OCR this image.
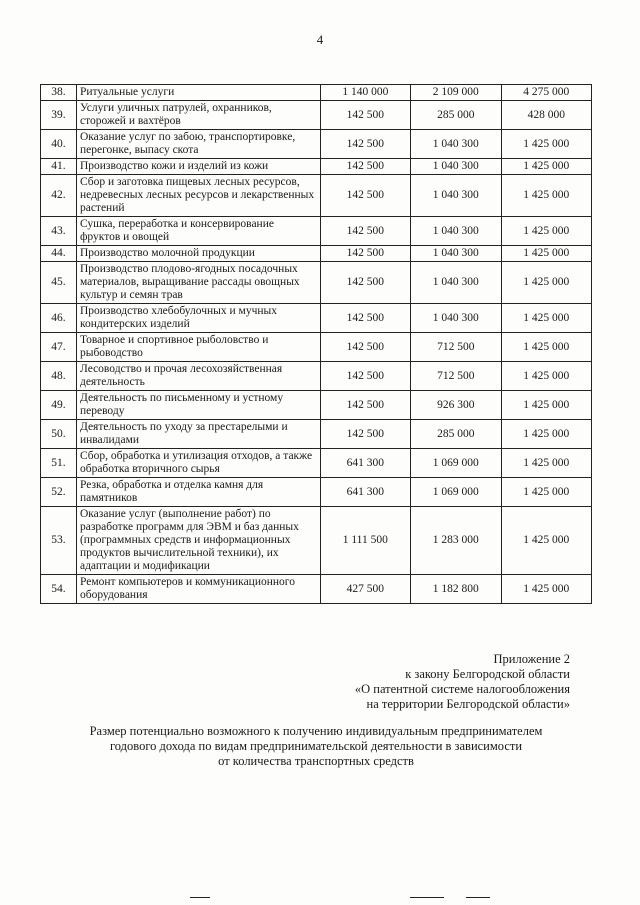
4
38.	Ритуальные услуги	1 140 000	2 109 000	4 275 000
39.	Услуги уличных патрулей, охранников, сторожей и вахтёров	142 500	285 000	428 000
40.	Оказание услуг по забою, транспортировке, перегонке, выпасу скота	142 500	1 040 300	1 425 000
41.	Производство кожи и изделий из кожи	142 500	1 040 300	1 425 000
42.	Сбор и заготовка пищевых лесных ресурсов, недревесных лесных ресурсов и лекарственных растений	142 500	1 040 300	1 425 000
43.	Сушка, переработка и консервирование фруктов и овощей	142 500	1 040 300	1 425 000
44.	Производство молочной продукции	142 500	1 040 300	1 425 000
45.	Производство плодово-ягодных посадочных материалов, выращивание рассады овощных культур и семян трав	142 500	1 040 300	1 425 000
46.	Производство хлебобулочных и мучных кондитерских изделий	142 500	1 040 300	1 425 000
47.	Товарное и спортивное рыболовство и рыбоводство	142 500	712 500	1 425 000
48.	Лесоводство и прочая лесохозяйственная деятельность	142 500	712 500	1 425 000
49.	Деятельность по письменному и устному переводу	142 500	926 300	1 425 000
50.	Деятельность по уходу за престарелыми и инвалидами	142 500	285 000	1 425 000
51.	Сбор, обработка и утилизация отходов, а также обработка вторичного сырья	641 300	1 069 000	1 425 000
52.	Резка, обработка и отделка камня для памятников	641 300	1 069 000	1 425 000
53.	Оказание услуг (выполнение работ) по разработке программ для ЭВМ и баз данных (программных средств и информационных продуктов вычислительной техники), их адаптации и модификации	1 111 500	1 283 000	1 425 000
54.	Ремонт компьютеров и коммуникационного оборудования	427 500	1 182 800	1 425 000
Приложение 2
к закону Белгородской области
«О патентной системе налогообложения
на территории Белгородской области»
Размер потенциально возможного к получению индивидуальным предпринимателем
годового дохода по видам предпринимательской деятельности в зависимости
от количества транспортных средств
